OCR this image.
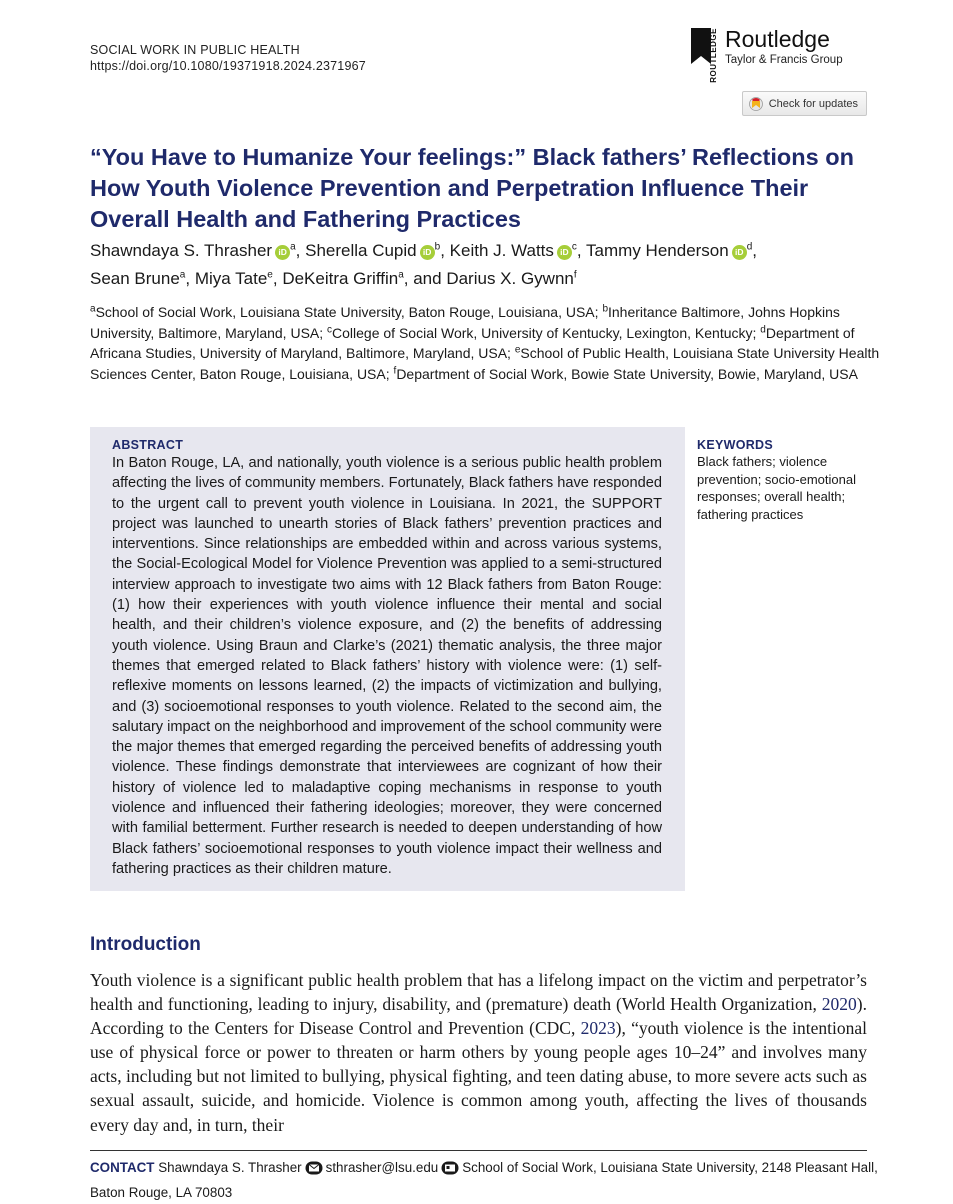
SOCIAL WORK IN PUBLIC HEALTH
https://doi.org/10.1080/19371918.2024.2371967	ROUTLEDGE Routledge
Taylor & Francis Group
Check for updates
“You Have to Humanize Your feelings:” Black fathers’ Reflections on How Youth Violence Prevention and Perpetration Influence Their Overall Health and Fathering Practices
Shawndaya S. Thrasher iD $^a$, Sherella Cupid iD $^b$, Keith J. Watts iD $^c$, Tammy Henderson iD $^d$,
Sean Brune$^a$, Miya Tate$^e$, DeKeitra Griffin$^a$, and Darius X. Gywnn$^f$
$^a$School of Social Work, Louisiana State University, Baton Rouge, Louisiana, USA; $^b$Inheritance Baltimore, Johns Hopkins University, Baltimore, Maryland, USA; $^c$College of Social Work, University of Kentucky, Lexington, Kentucky; $^d$Department of Africana Studies, University of Maryland, Baltimore, Maryland, USA; $^e$School of Public Health, Louisiana State University Health Sciences Center, Baton Rouge, Louisiana, USA; $^f$Department of Social Work, Bowie State University, Bowie, Maryland, USA
ABSTRACT
In Baton Rouge, LA, and nationally, youth violence is a serious public health problem affecting the lives of community members. Fortunately, Black fathers have responded to the urgent call to prevent youth violence in Louisiana. In 2021, the SUPPORT project was launched to unearth stories of Black fathers’ prevention practices and interventions. Since relationships are embedded within and across various systems, the Social-Ecological Model for Violence Prevention was applied to a semi-structured interview approach to investigate two aims with 12 Black fathers from Baton Rouge: (1) how their experiences with youth violence influence their mental and social health, and their children’s violence exposure, and (2) the benefits of addressing youth violence. Using Braun and Clarke’s (2021) thematic analysis, the three major themes that emerged related to Black fathers’ history with violence were: (1) self-reflexive moments on lessons learned, (2) the impacts of victimization and bullying, and (3) socioemotional responses to youth violence. Related to the second aim, the salutary impact on the neighborhood and improvement of the school community were the major themes that emerged regarding the perceived benefits of addressing youth violence. These findings demonstrate that interviewees are cognizant of how their history of violence led to maladaptive coping mechanisms in response to youth violence and influenced their fathering ideologies; moreover, they were concerned with familial betterment. Further research is needed to deepen understanding of how Black fathers’ socioemotional responses to youth violence impact their wellness and fathering practices as their children mature.
KEYWORDS
Black fathers; violence prevention; socio-emotional responses; overall health; fathering practices
Introduction
Youth violence is a significant public health problem that has a lifelong impact on the victim and perpetrator’s health and functioning, leading to injury, disability, and (premature) death (World Health Organization, 2020). According to the Centers for Disease Control and Prevention (CDC, 2023), “youth violence is the intentional use of physical force or power to threaten or harm others by young people ages 10–24” and involves many acts, including but not limited to bullying, physical fighting, and teen dating abuse, to more severe acts such as sexual assault, suicide, and homicide. Violence is common among youth, affecting the lives of thousands every day and, in turn, their
CONTACT Shawndaya S. Thrasher sthrasher@lsu.edu School of Social Work, Louisiana State University, 2148 Pleasant Hall, Baton Rouge, LA 70803
